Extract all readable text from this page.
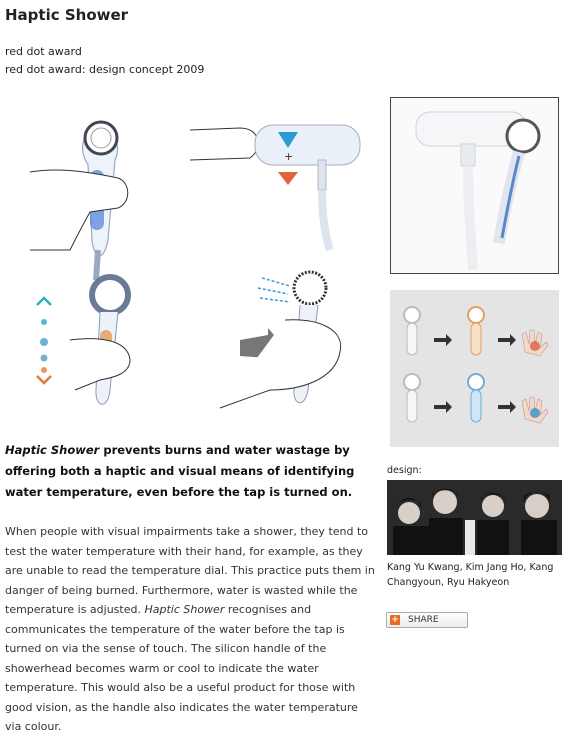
Haptic Shower
red dot award
red dot award: design concept 2009
+
Haptic Shower prevents burns and water wastage by offering both a haptic and visual means of identifying water temperature, even before the tap is turned on.
When people with visual impairments take a shower, they tend to test the water temperature with their hand, for example, as they are unable to read the temperature dial. This practice puts them in danger of being burned. Furthermore, water is wasted while the temperature is adjusted. Haptic Shower recognises and communicates the temperature of the water before the tap is turned on via the sense of touch. The silicon handle of the showerhead becomes warm or cool to indicate the water temperature. This would also be a useful product for those with good vision, as the handle also indicates the water temperature via colour.
design:
Kang Yu Kwang, Kim Jang Ho, Kang Changyoun, Ryu Hakyeon
+ SHARE
